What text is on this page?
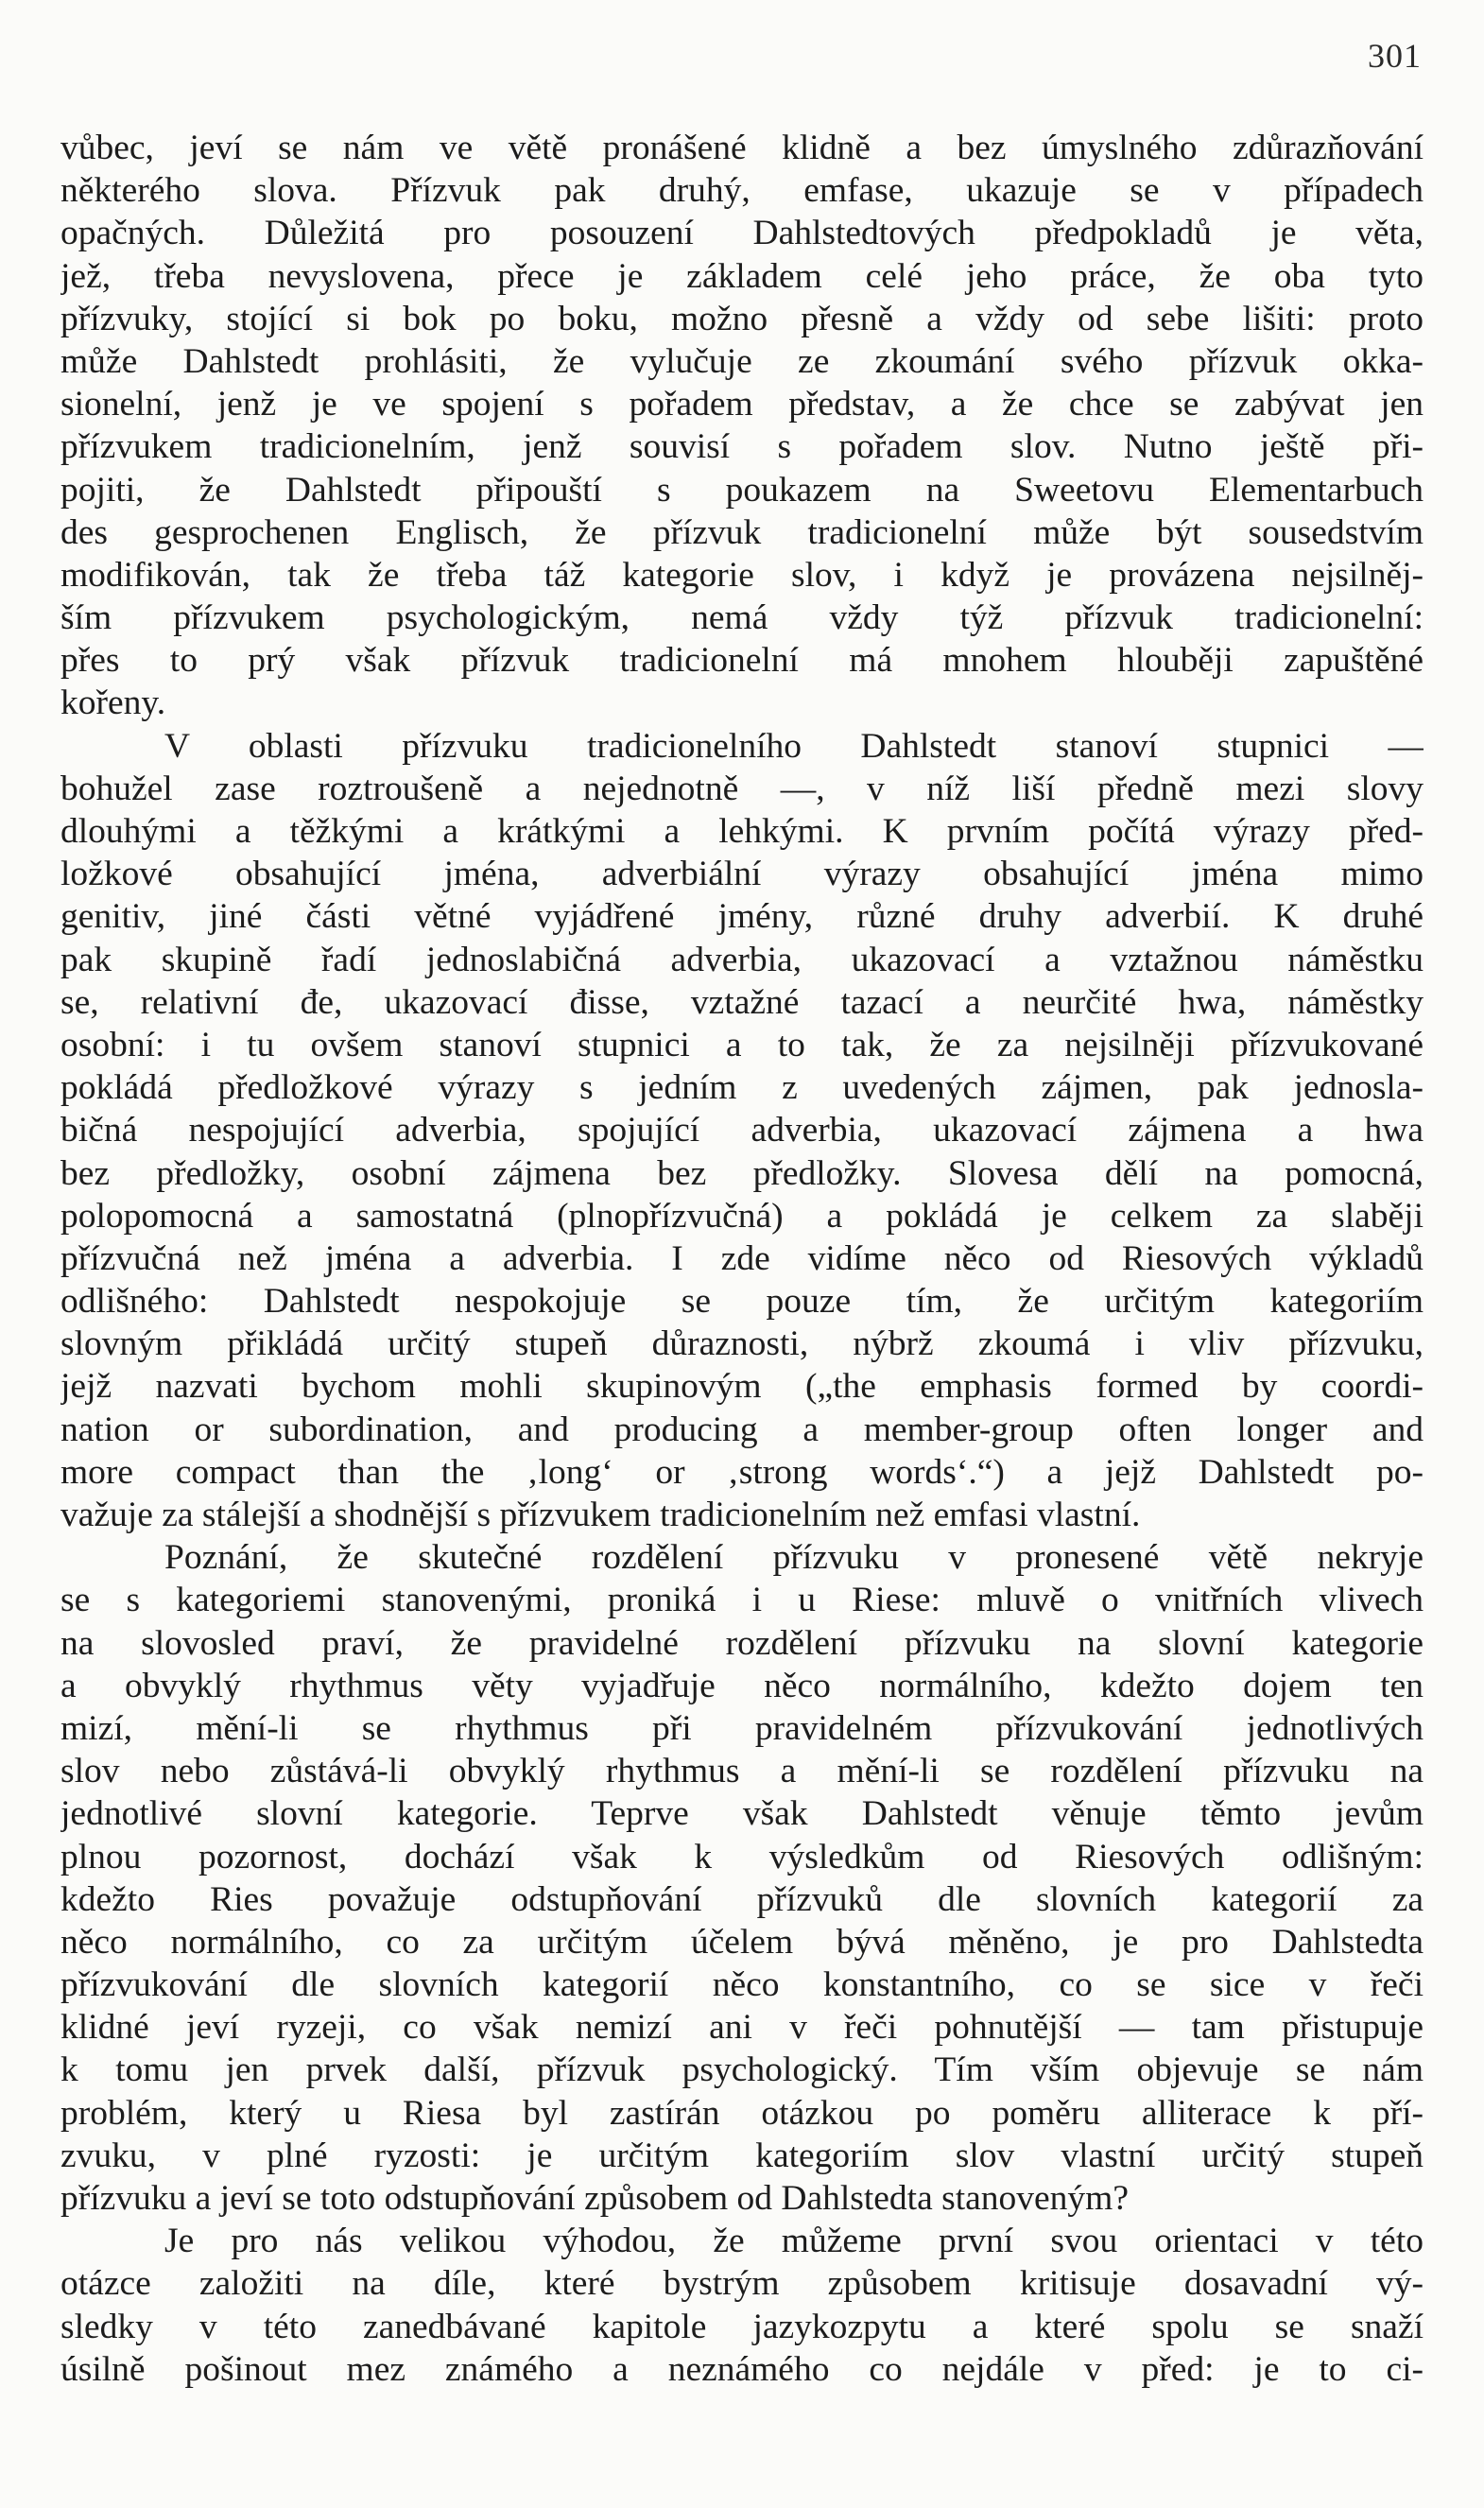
301
vůbec, jeví se nám ve větě pronášené klidně a bez úmyslného zdůrazňování
některého slova. Přízvuk pak druhý, emfase, ukazuje se v případech
opačných. Důležitá pro posouzení Dahlstedtových předpokladů je věta,
jež, třeba nevyslovena, přece je základem celé jeho práce, že oba tyto
přízvuky, stojící si bok po boku, možno přesně a vždy od sebe lišiti: proto
může Dahlstedt prohlásiti, že vylučuje ze zkoumání svého přízvuk okka-
sionelní, jenž je ve spojení s pořadem představ, a že chce se zabývat jen
přízvukem tradicionelním, jenž souvisí s pořadem slov. Nutno ještě při-
pojiti, že Dahlstedt připouští s poukazem na Sweetovu Elementarbuch
des gesprochenen Englisch, že přízvuk tradicionelní může být sousedstvím
modifikován, tak že třeba táž kategorie slov, i když je provázena nejsilněj-
ším přízvukem psychologickým, nemá vždy týž přízvuk tradicionelní:
přes to prý však přízvuk tradicionelní má mnohem hlouběji zapuštěné
kořeny.
V oblasti přízvuku tradicionelního Dahlstedt stanoví stupnici —
bohužel zase roztroušeně a nejednotně —, v níž liší předně mezi slovy
dlouhými a těžkými a krátkými a lehkými. K prvním počítá výrazy před-
ložkové obsahující jména, adverbiální výrazy obsahující jména mimo
genitiv, jiné části větné vyjádřené jmény, různé druhy adverbií. K druhé
pak skupině řadí jednoslabičná adverbia, ukazovací a vztažnou náměstku
se, relativní đe, ukazovací đisse, vztažné tazací a neurčité hwa, náměstky
osobní: i tu ovšem stanoví stupnici a to tak, že za nejsilněji přízvukované
pokládá předložkové výrazy s jedním z uvedených zájmen, pak jednosla-
bičná nespojující adverbia, spojující adverbia, ukazovací zájmena a hwa
bez předložky, osobní zájmena bez předložky. Slovesa dělí na pomocná,
polopomocná a samostatná (plnopřízvučná) a pokládá je celkem za slaběji
přízvučná než jména a adverbia. I zde vidíme něco od Riesových výkladů
odlišného: Dahlstedt nespokojuje se pouze tím, že určitým kategoriím
slovným přikládá určitý stupeň důraznosti, nýbrž zkoumá i vliv přízvuku,
jejž nazvati bychom mohli skupinovým („the emphasis formed by coordi-
nation or subordination, and producing a member-group often longer and
more compact than the ‚long‘ or ‚strong words‘.“) a jejž Dahlstedt po-
važuje za stálejší a shodnější s přízvukem tradicionelním než emfasi vlastní.
Poznání, že skutečné rozdělení přízvuku v pronesené větě nekryje
se s kategoriemi stanovenými, proniká i u Riese: mluvě o vnitřních vlivech
na slovosled praví, že pravidelné rozdělení přízvuku na slovní kategorie
a obvyklý rhythmus věty vyjadřuje něco normálního, kdežto dojem ten
mizí, mění-li se rhythmus při pravidelném přízvukování jednotlivých
slov nebo zůstává-li obvyklý rhythmus a mění-li se rozdělení přízvuku na
jednotlivé slovní kategorie. Teprve však Dahlstedt věnuje těmto jevům
plnou pozornost, dochází však k výsledkům od Riesových odlišným:
kdežto Ries považuje odstupňování přízvuků dle slovních kategorií za
něco normálního, co za určitým účelem bývá měněno, je pro Dahlstedta
přízvukování dle slovních kategorií něco konstantního, co se sice v řeči
klidné jeví ryzeji, co však nemizí ani v řeči pohnutější — tam přistupuje
k tomu jen prvek další, přízvuk psychologický. Tím vším objevuje se nám
problém, který u Riesa byl zastírán otázkou po poměru alliterace k pří-
zvuku, v plné ryzosti: je určitým kategoriím slov vlastní určitý stupeň
přízvuku a jeví se toto odstupňování způsobem od Dahlstedta stanoveným?
Je pro nás velikou výhodou, že můžeme první svou orientaci v této
otázce založiti na díle, které bystrým způsobem kritisuje dosavadní vý-
sledky v této zanedbávané kapitole jazykozpytu a které spolu se snaží
úsilně pošinout mez známého a neznámého co nejdále v před: je to ci-
